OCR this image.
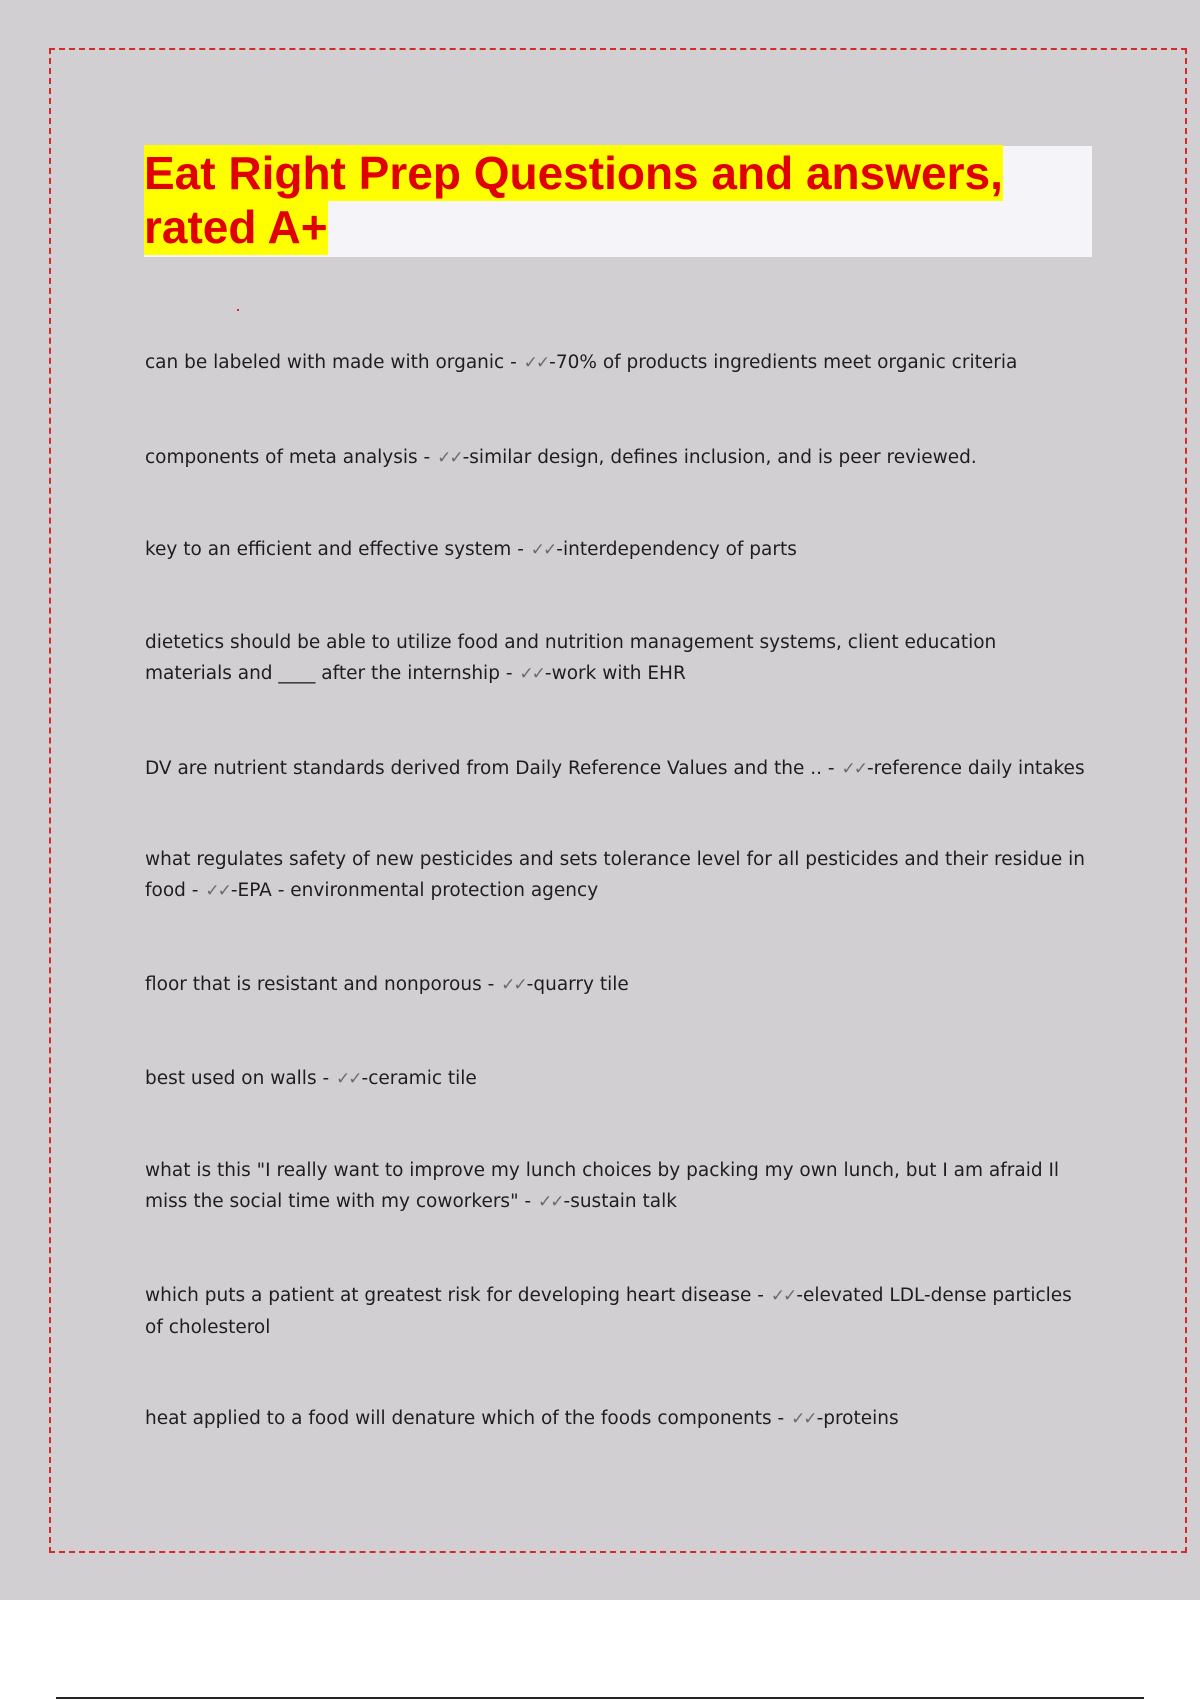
Eat Right Prep Questions and answers, rated A+

can be labeled with made with organic - ✓✓-70% of products ingredients meet organic criteria

components of meta analysis - ✓✓-similar design, defines inclusion, and is peer reviewed.

key to an efficient and effective system - ✓✓-interdependency of parts

dietetics should be able to utilize food and nutrition management systems, client education materials and ____ after the internship - ✓✓-work with EHR

DV are nutrient standards derived from Daily Reference Values and the .. - ✓✓-reference daily intakes

what regulates safety of new pesticides and sets tolerance level for all pesticides and their residue in food - ✓✓-EPA - environmental protection agency

floor that is resistant and nonporous - ✓✓-quarry tile

best used on walls - ✓✓-ceramic tile

what is this "I really want to improve my lunch choices by packing my own lunch, but I am afraid Il miss the social time with my coworkers" - ✓✓-sustain talk

which puts a patient at greatest risk for developing heart disease - ✓✓-elevated LDL-dense particles of cholesterol

heat applied to a food will denature which of the foods components - ✓✓-proteins
